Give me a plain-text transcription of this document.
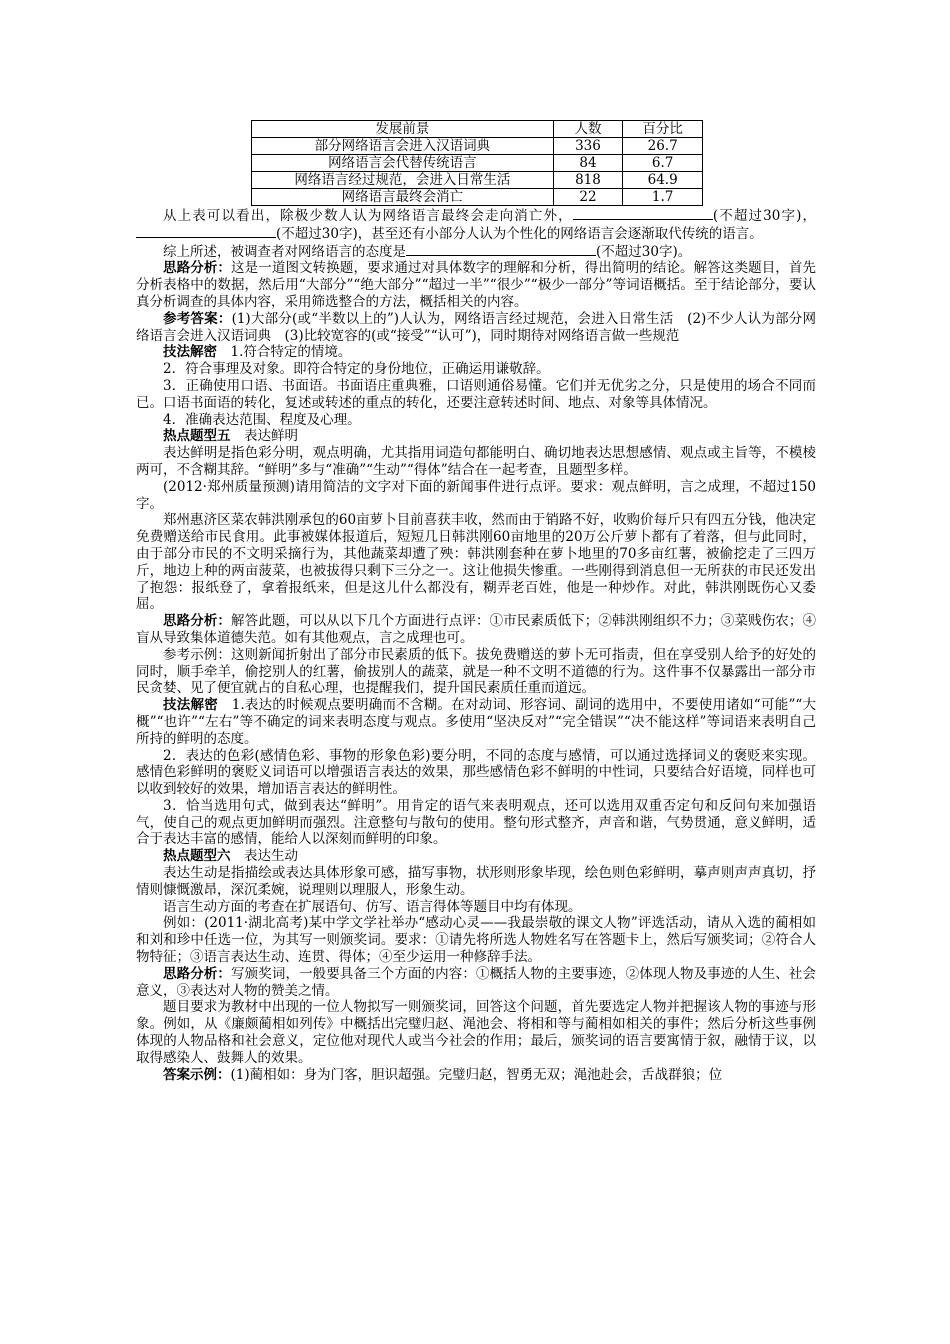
发展前景	人数	百分比
部分网络语言会进入汉语词典	336	26.7
网络语言会代替传统语言	84	6.7
网络语言经过规范，会进入日常生活	818	64.9
网络语言最终会消亡	22	1.7

从上表可以看出，除极少数人认为网络语言最终会走向消亡外，	(不超过30字)，(不超过30字)，甚至还有小部分人认为个性化的网络语言会逐渐取代传统的语言。

综上所述，被调查者对网络语言的态度是	(不超过30字)。

思路分析：这是一道图文转换题，要求通过对具体数字的理解和分析，得出简明的结论。解答这类题目，首先分析表格中的数据，然后用“大部分”“绝大部分”“超过一半”“很少”“极少一部分”等词语概括。至于结论部分，要认真分析调查的具体内容，采用筛选整合的方法，概括相关的内容。

参考答案：(1)大部分(或“半数以上的”)人认为，网络语言经过规范，会进入日常生活　(2)不少人认为部分网络语言会进入汉语词典　(3)比较宽容的(或“接受”“认可”)，同时期待对网络语言做一些规范

技法解密　 1.符合特定的情境。

2．符合事理及对象。即符合特定的身份地位，正确运用谦敬辞。

3．正确使用口语、书面语。书面语庄重典雅，口语则通俗易懂。它们并无优劣之分，只是使用的场合不同而已。口语书面语的转化，复述或转述的重点的转化，还要注意转述时间、地点、对象等具体情况。

4．准确表达范围、程度及心理。

热点题型五　 表达鲜明

表达鲜明是指色彩分明，观点明确，尤其指用词造句都能明白、确切地表达思想感情、观点或主旨等，不模棱两可，不含糊其辞。“鲜明”多与“准确”“生动”“得体”结合在一起考查，且题型多样。

(2012·郑州质量预测)请用简洁的文字对下面的新闻事件进行点评。要求：观点鲜明，言之成理，不超过150字。

郑州惠济区菜农韩洪刚承包的60亩萝卜目前喜获丰收，然而由于销路不好，收购价每斤只有四五分钱，他决定免费赠送给市民食用。此事被媒体报道后，短短几日韩洪刚60亩地里的20万公斤萝卜都有了着落，但与此同时，由于部分市民的不文明采摘行为，其他蔬菜却遭了殃：韩洪刚套种在萝卜地里的70多亩红薯，被偷挖走了三四万斤，地边上种的两亩菠菜，也被拔得只剩下三分之一。这让他损失惨重。一些刚得到消息但一无所获的市民还发出了抱怨：报纸登了，拿着报纸来，但是这儿什么都没有，糊弄老百姓，他是一种炒作。对此，韩洪刚既伤心又委屈。

思路分析：解答此题，可以从以下几个方面进行点评：①市民素质低下；②韩洪刚组织不力；③菜贱伤农；④盲从导致集体道德失范。如有其他观点，言之成理也可。

参考示例：这则新闻折射出了部分市民素质的低下。拔免费赠送的萝卜无可指责，但在享受别人给予的好处的同时，顺手牵羊，偷挖别人的红薯，偷拔别人的蔬菜，就是一种不文明不道德的行为。这件事不仅暴露出一部分市民贪婪、见了便宜就占的自私心理，也提醒我们，提升国民素质任重而道远。

技法解密　 1.表达的时候观点要明确而不含糊。在对动词、形容词、副词的选用中，不要使用诸如“可能”“大概”“也许”“左右”等不确定的词来表明态度与观点。多使用“坚决反对”“完全错误”“决不能这样”等词语来表明自己所持的鲜明的态度。

2．表达的色彩(感情色彩、事物的形象色彩)要分明，不同的态度与感情，可以通过选择词义的褒贬来实现。感情色彩鲜明的褒贬义词语可以增强语言表达的效果，那些感情色彩不鲜明的中性词，只要结合好语境，同样也可以收到较好的效果，增加语言表达的鲜明性。

3．恰当选用句式，做到表达“鲜明”。用肯定的语气来表明观点，还可以选用双重否定句和反问句来加强语气，使自己的观点更加鲜明而强烈。注意整句与散句的使用。整句形式整齐，声音和谐，气势贯通，意义鲜明，适合于表达丰富的感情，能给人以深刻而鲜明的印象。

热点题型六　 表达生动

表达生动是指描绘或表达具体形象可感，描写事物，状形则形象毕现，绘色则色彩鲜明，摹声则声声真切，抒情则慷慨激昂，深沉柔婉，说理则以理服人，形象生动。

语言生动方面的考查在扩展语句、仿写、语言得体等题目中均有体现。

例如：(2011·湖北高考)某中学文学社举办“感动心灵——我最崇敬的课文人物”评选活动，请从入选的蔺相如和刘和珍中任选一位，为其写一则颁奖词。要求：①请先将所选人物姓名写在答题卡上，然后写颁奖词；②符合人物特征；③语言表达生动、连贯、得体；④至少运用一种修辞手法。

思路分析：写颁奖词，一般要具备三个方面的内容：①概括人物的主要事迹，②体现人物及事迹的人生、社会意义，③表达对人物的赞美之情。

题目要求为教材中出现的一位人物拟写一则颁奖词，回答这个问题，首先要选定人物并把握该人物的事迹与形象。例如，从《廉颇蔺相如列传》中概括出完璧归赵、渑池会、将相和等与蔺相如相关的事件；然后分析这些事例体现的人物品格和社会意义，定位他对现代人或当今社会的作用；最后，颁奖词的语言要寓情于叙，融情于议，以取得感染人、鼓舞人的效果。

答案示例：(1)蔺相如：身为门客，胆识超强。完璧归赵，智勇无双；渑池赴会，舌战群狼；位
